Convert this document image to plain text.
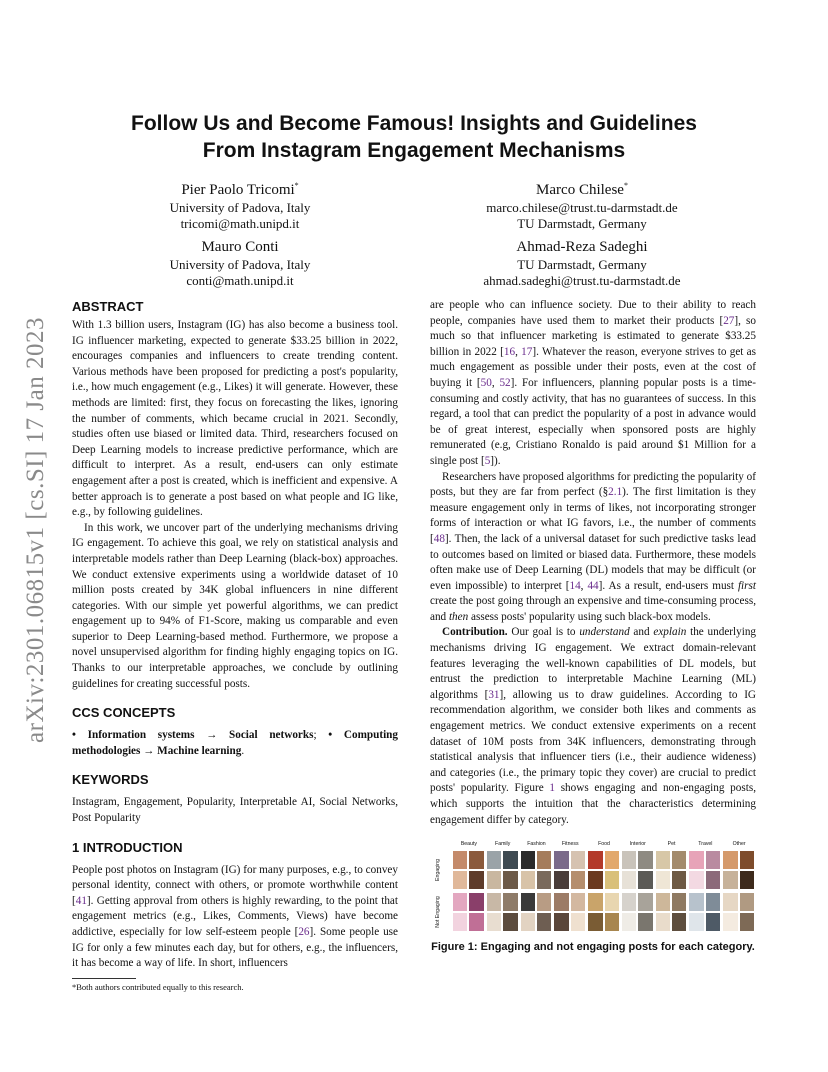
arXiv:2301.06815v1 [cs.SI] 17 Jan 2023
Follow Us and Become Famous! Insights and Guidelines
From Instagram Engagement Mechanisms
Pier Paolo Tricomi*
University of Padova, Italy
tricomi@math.unipd.it
Marco Chilese*
marco.chilese@trust.tu-darmstadt.de
TU Darmstadt, Germany
Mauro Conti
University of Padova, Italy
conti@math.unipd.it
Ahmad-Reza Sadeghi
TU Darmstadt, Germany
ahmad.sadeghi@trust.tu-darmstadt.de
ABSTRACT

With 1.3 billion users, Instagram (IG) has also become a business tool. IG influencer marketing, expected to generate $33.25 billion in 2022, encourages companies and influencers to create trending content. Various methods have been proposed for predicting a post's popularity, i.e., how much engagement (e.g., Likes) it will generate. However, these methods are limited: first, they focus on forecasting the likes, ignoring the number of comments, which became crucial in 2021. Secondly, studies often use biased or limited data. Third, researchers focused on Deep Learning models to increase predictive performance, which are difficult to interpret. As a result, end-users can only estimate engagement after a post is created, which is inefficient and expensive. A better approach is to generate a post based on what people and IG like, e.g., by following guidelines.

In this work, we uncover part of the underlying mechanisms driving IG engagement. To achieve this goal, we rely on statistical analysis and interpretable models rather than Deep Learning (black-box) approaches. We conduct extensive experiments using a worldwide dataset of 10 million posts created by 34K global influencers in nine different categories. With our simple yet powerful algorithms, we can predict engagement up to 94% of F1-Score, making us comparable and even superior to Deep Learning-based method. Furthermore, we propose a novel unsupervised algorithm for finding highly engaging topics on IG. Thanks to our interpretable approaches, we conclude by outlining guidelines for creating successful posts.

CCS CONCEPTS

• Information systems → Social networks; • Computing methodologies → Machine learning.

KEYWORDS

Instagram, Engagement, Popularity, Interpretable AI, Social Networks, Post Popularity

1 INTRODUCTION

People post photos on Instagram (IG) for many purposes, e.g., to convey personal identity, connect with others, or promote worthwhile content [41]. Getting approval from others is highly rewarding, to the point that engagement metrics (e.g., Likes, Comments, Views) have become addictive, especially for low self-esteem people [26]. Some people use IG for only a few minutes each day, but for others, e.g., the influencers, it has become a way of life. In short, influencers

*Both authors contributed equally to this research.

are people who can influence society. Due to their ability to reach people, companies have used them to market their products [27], so much so that influencer marketing is estimated to generate $33.25 billion in 2022 [16, 17]. Whatever the reason, everyone strives to get as much engagement as possible under their posts, even at the cost of buying it [50, 52]. For influencers, planning popular posts is a time-consuming and costly activity, that has no guarantees of success. In this regard, a tool that can predict the popularity of a post in advance would be of great interest, especially when sponsored posts are highly remunerated (e.g, Cristiano Ronaldo is paid around $1 Million for a single post [5]).

Researchers have proposed algorithms for predicting the popularity of posts, but they are far from perfect (§2.1). The first limitation is they measure engagement only in terms of likes, not incorporating stronger forms of interaction or what IG favors, i.e., the number of comments [48]. Then, the lack of a universal dataset for such predictive tasks lead to outcomes based on limited or biased data. Furthermore, these models often make use of Deep Learning (DL) models that may be difficult (or even impossible) to interpret [14, 44]. As a result, end-users must first create the post going through an expensive and time-consuming process, and then assess posts' popularity using such black-box models.

Contribution. Our goal is to understand and explain the underlying mechanisms driving IG engagement. We extract domain-relevant features leveraging the well-known capabilities of DL models, but entrust the prediction to interpretable Machine Learning (ML) algorithms [31], allowing us to draw guidelines. According to IG recommendation algorithm, we consider both likes and comments as engagement metrics. We conduct extensive experiments on a recent dataset of 10M posts from 34K influencers, demonstrating through statistical analysis that influencer tiers (i.e., their audience wideness) and categories (i.e., the primary topic they cover) are crucial to predict posts' popularity. Figure 1 shows engaging and non-engaging posts, which supports the intuition that the characteristics determining engagement differ by category.

Beauty	Family	Fashion	Fitness	Food	Interior	Pet	Travel	Other
Engaging
Not Engaging
Figure 1: Engaging and not engaging posts for each category.
